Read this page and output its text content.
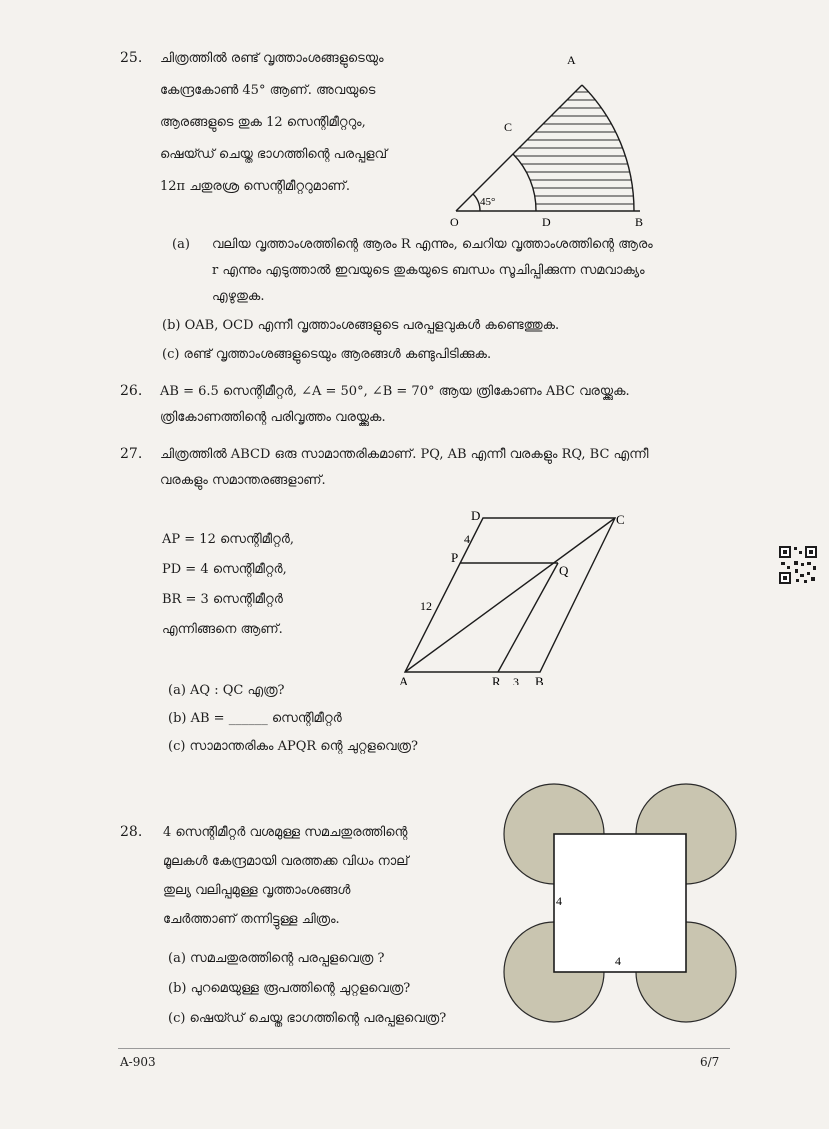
25. ചിത്രത്തിൽ രണ്ട് വൃത്താംശങ്ങളുടെയും
കേന്ദ്രകോൺ 45° ആണ്. അവയുടെ
ആരങ്ങളുടെ തുക 12 സെന്റിമീറ്ററും,
ഷെയ്ഡ് ചെയ്ത ഭാഗത്തിന്റെ പരപ്പളവ്
12π ചതുരശ്ര സെന്റിമീറ്ററുമാണ്.
A
C
O	D	B
45°
(a) വലിയ വൃത്താംശത്തിന്റെ ആരം R എന്നും, ചെറിയ വൃത്താംശത്തിന്റെ ആരം
r എന്നും എടുത്താൽ ഇവയുടെ തുകയുടെ ബന്ധം സൂചിപ്പിക്കുന്ന സമവാക്യം
എഴുതുക.
(b) OAB, OCD എന്നീ വൃത്താംശങ്ങളുടെ പരപ്പളവുകൾ കണ്ടെത്തുക.
(c) രണ്ട് വൃത്താംശങ്ങളുടെയും ആരങ്ങൾ കണ്ടുപിടിക്കുക.
26. AB = 6.5 സെന്റിമീറ്റർ, ∠A = 50°, ∠B = 70° ആയ ത്രികോണം ABC വരയ്ക്കുക.
ത്രികോണത്തിന്റെ പരിവൃത്തം വരയ്ക്കുക.
27. ചിത്രത്തിൽ ABCD ഒരു സാമാന്തരികമാണ്. PQ, AB എന്നീ വരകളും RQ, BC എന്നീ
വരകളും സമാന്തരങ്ങളാണ്.
AP = 12 സെന്റിമീറ്റർ,
PD = 4 സെന്റിമീറ്റർ,
BR = 3 സെന്റിമീറ്റർ
എന്നിങ്ങനെ ആണ്.
D	C
P
Q
A	R	B
4
12
3
(a) AQ : QC എത്ര?
(b) AB = ______ സെന്റിമീറ്റർ
(c) സാമാന്തരികം APQR ന്റെ ചുറ്റളവെത്ര?
28. 4 സെന്റിമീറ്റർ വശമുള്ള സമചതുരത്തിന്റെ
മൂലകൾ കേന്ദ്രമായി വരത്തക്ക വിധം നാല്
തുല്യ വലിപ്പമുള്ള വൃത്താംശങ്ങൾ
ചേർത്താണ് തന്നിട്ടുള്ള ചിത്രം.
4
4
(a) സമചതുരത്തിന്റെ പരപ്പളവെത്ര ?
(b) പുറമെയുള്ള രൂപത്തിന്റെ ചുറ്റളവെത്ര?
(c) ഷെയ്ഡ് ചെയ്ത ഭാഗത്തിന്റെ പരപ്പളവെത്ര?
A-903	6/7
